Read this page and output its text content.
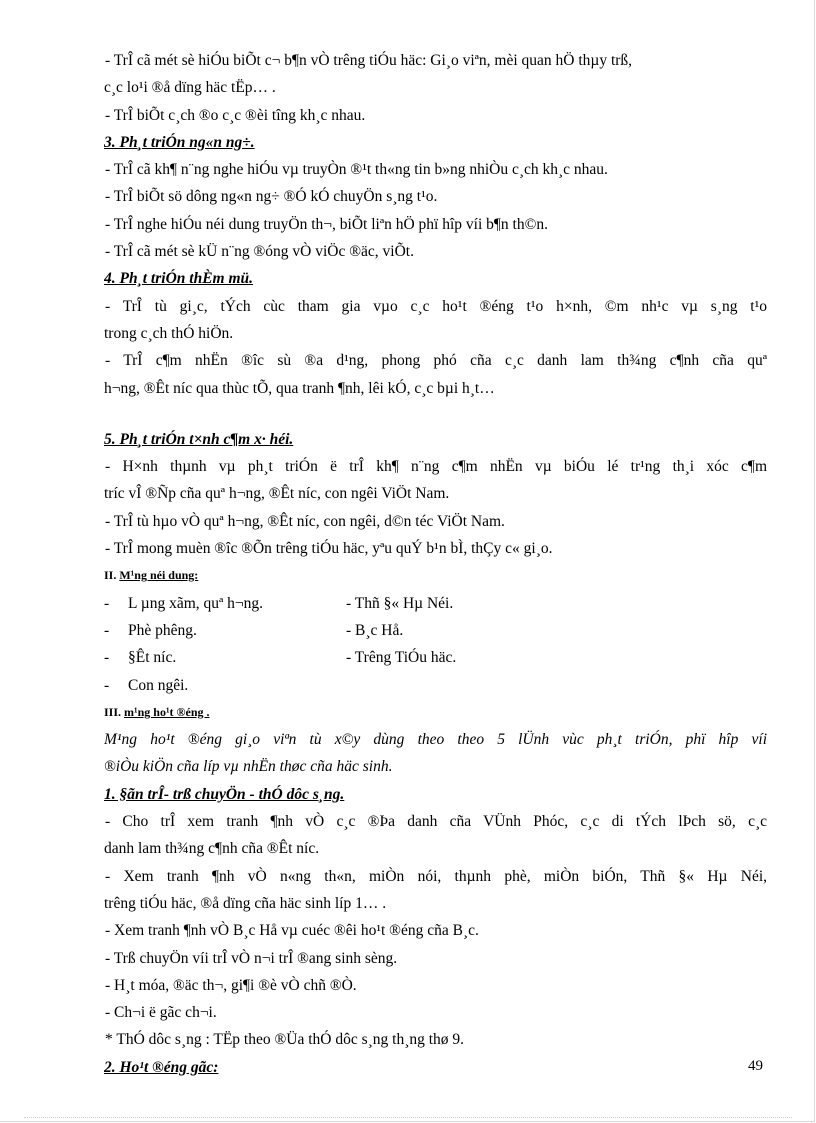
- TrÎ cã mét sè hiÓu biÕt c¬ b¶n vÒ trêng tiÓu häc: Gi¸o viªn, mèi quan hÖ thµy trß,
c¸c lo¹i ®å dïng häc tËp… .
- TrÎ biÕt c¸ch ®o c¸c ®èi tîng kh¸c nhau.
3. Ph¸t triÓn ng«n ng÷.
- TrÎ cã kh¶ n¨ng nghe hiÓu vµ truyÒn ®¹t th«ng tin b»ng nhiÒu c¸ch kh¸c nhau.
- TrÎ biÕt sö dông ng«n ng÷ ®Ó kÓ chuyÖn s¸ng t¹o.
- TrÎ nghe hiÓu néi dung truyÖn th¬, biÕt liªn hÖ phï hîp víi b¶n th©n.
- TrÎ cã mét sè kÜ n¨ng ®óng vÒ viÖc ®äc, viÕt.
4. Ph¸t triÓn thÈm mü.
- TrÎ tù gi¸c, tÝch cùc tham gia vµo c¸c ho¹t ®éng t¹o h×nh, ©m nh¹c vµ s¸ng t¹o
trong c¸ch thÓ hiÖn.
- TrÎ c¶m nhËn ®îc sù ®a d¹ng, phong phó cña c¸c danh lam th¾ng c¶nh cña quª
h¬ng, ®Êt níc qua thùc tÕ, qua tranh ¶nh, lêi kÓ, c¸c bµi h¸t…
5. Ph¸t triÓn t×nh c¶m x· héi.
- H×nh thµnh vµ ph¸t triÓn ë trÎ kh¶ n¨ng c¶m nhËn vµ biÓu lé tr¹ng th¸i xóc c¶m
tríc vÎ ®Ñp cña quª h¬ng, ®Êt níc, con ngêi ViÖt Nam.
- TrÎ tù hµo vÒ quª h¬ng, ®Êt níc, con ngêi, d©n téc ViÖt Nam.
- TrÎ mong muèn ®îc ®Õn trêng tiÓu häc, yªu quÝ b¹n bÌ, thÇy c« gi¸o.
II. M¹ng néi dung:
-	L µng xãm, quª h¬ng.	- Thñ §« Hµ Néi.
-	Phè phêng.	- B¸c Hå.
-	§Êt níc.	- Trêng TiÓu häc.
-	Con ngêi.
III. m¹ng ho¹t ®éng .
M¹ng ho¹t ®éng gi¸o viªn tù x©y dùng theo theo 5 lÜnh vùc ph¸t triÓn, phï hîp víi
®iÒu kiÖn cña líp vµ nhËn thøc cña häc sinh.
1. §ãn trÎ- trß chuyÖn - thÓ dôc s¸ng.
- Cho trÎ xem tranh ¶nh vÒ c¸c ®Þa danh cña VÜnh Phóc, c¸c di tÝch lÞch sö, c¸c
danh lam th¾ng c¶nh cña ®Êt níc.
- Xem tranh ¶nh vÒ n«ng th«n, miÒn nói, thµnh phè, miÒn biÓn, Thñ §« Hµ Néi,
trêng tiÓu häc, ®å dïng cña häc sinh líp 1… .
- Xem tranh ¶nh vÒ B¸c Hå vµ cuéc ®êi ho¹t ®éng cña B¸c.
- Trß chuyÖn víi trÎ vÒ n¬i trÎ ®ang sinh sèng.
- H¸t móa, ®äc th¬, gi¶i ®è vÒ chñ ®Ò.
- Ch¬i ë gãc ch¬i.
* ThÓ dôc s¸ng : TËp theo ®Üa thÓ dôc s¸ng th¸ng thø 9.
2. Ho¹t ®éng gãc:	49
